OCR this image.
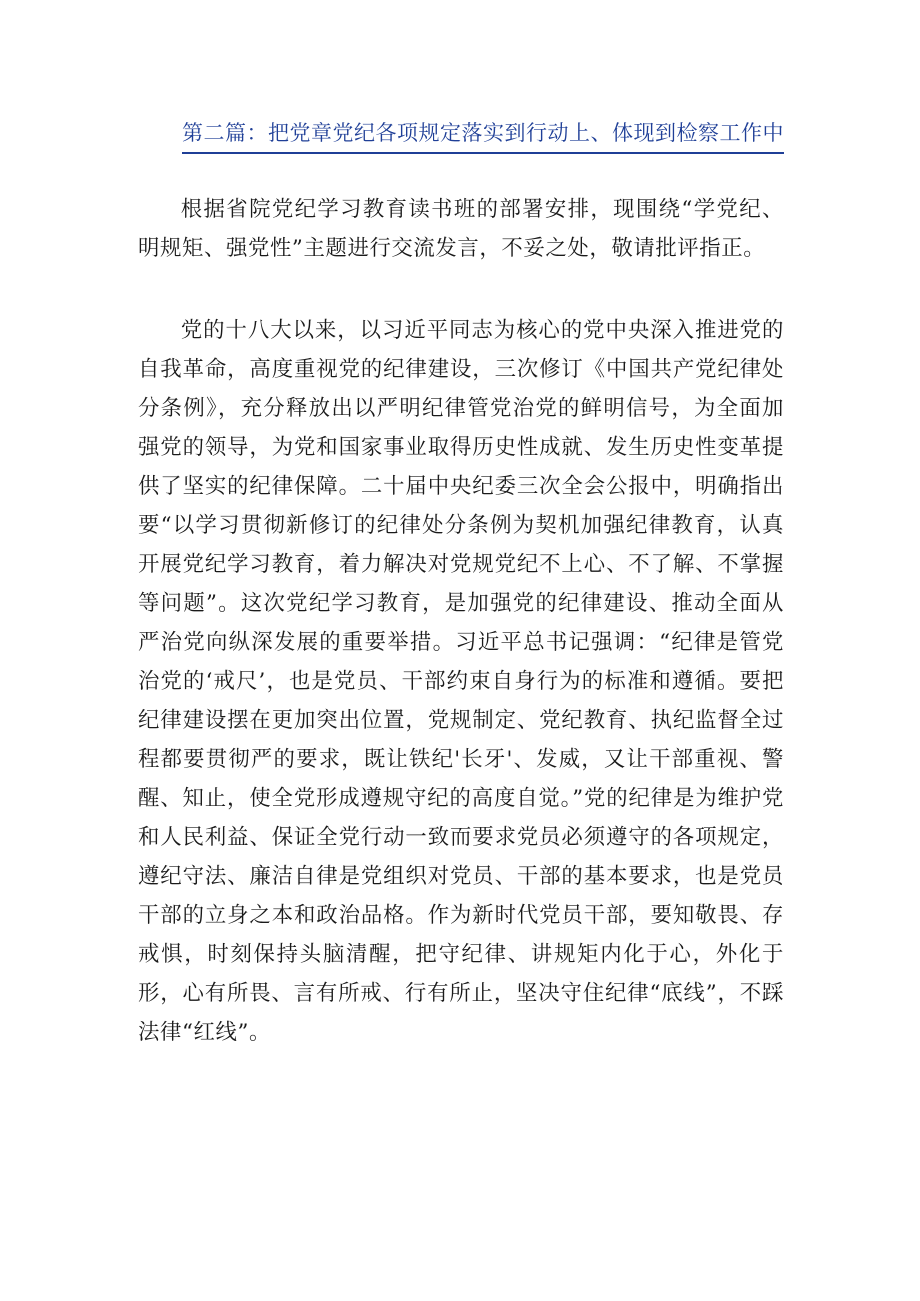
第二篇：把党章党纪各项规定落实到行动上、体现到检察工作中

根据省院党纪学习教育读书班的部署安排，现围绕“学党纪、明规矩、强党性”主题进行交流发言，不妥之处，敬请批评指正。

党的十八大以来，以习近平同志为核心的党中央深入推进党的自我革命，高度重视党的纪律建设，三次修订《中国共产党纪律处分条例》，充分释放出以严明纪律管党治党的鲜明信号，为全面加强党的领导，为党和国家事业取得历史性成就、发生历史性变革提供了坚实的纪律保障。二十届中央纪委三次全会公报中，明确指出要“以学习贯彻新修订的纪律处分条例为契机加强纪律教育，认真开展党纪学习教育，着力解决对党规党纪不上心、不了解、不掌握等问题”。这次党纪学习教育，是加强党的纪律建设、推动全面从严治党向纵深发展的重要举措。习近平总书记强调：“纪律是管党治党的‘戒尺’，也是党员、干部约束自身行为的标准和遵循。要把纪律建设摆在更加突出位置，党规制定、党纪教育、执纪监督全过程都要贯彻严的要求，既让铁纪'长牙'、发威，又让干部重视、警醒、知止，使全党形成遵规守纪的高度自觉。”党的纪律是为维护党和人民利益、保证全党行动一致而要求党员必须遵守的各项规定，遵纪守法、廉洁自律是党组织对党员、干部的基本要求，也是党员干部的立身之本和政治品格。作为新时代党员干部，要知敬畏、存戒惧，时刻保持头脑清醒，把守纪律、讲规矩内化于心，外化于形，心有所畏、言有所戒、行有所止，坚决守住纪律“底线”，不踩法律“红线”。
